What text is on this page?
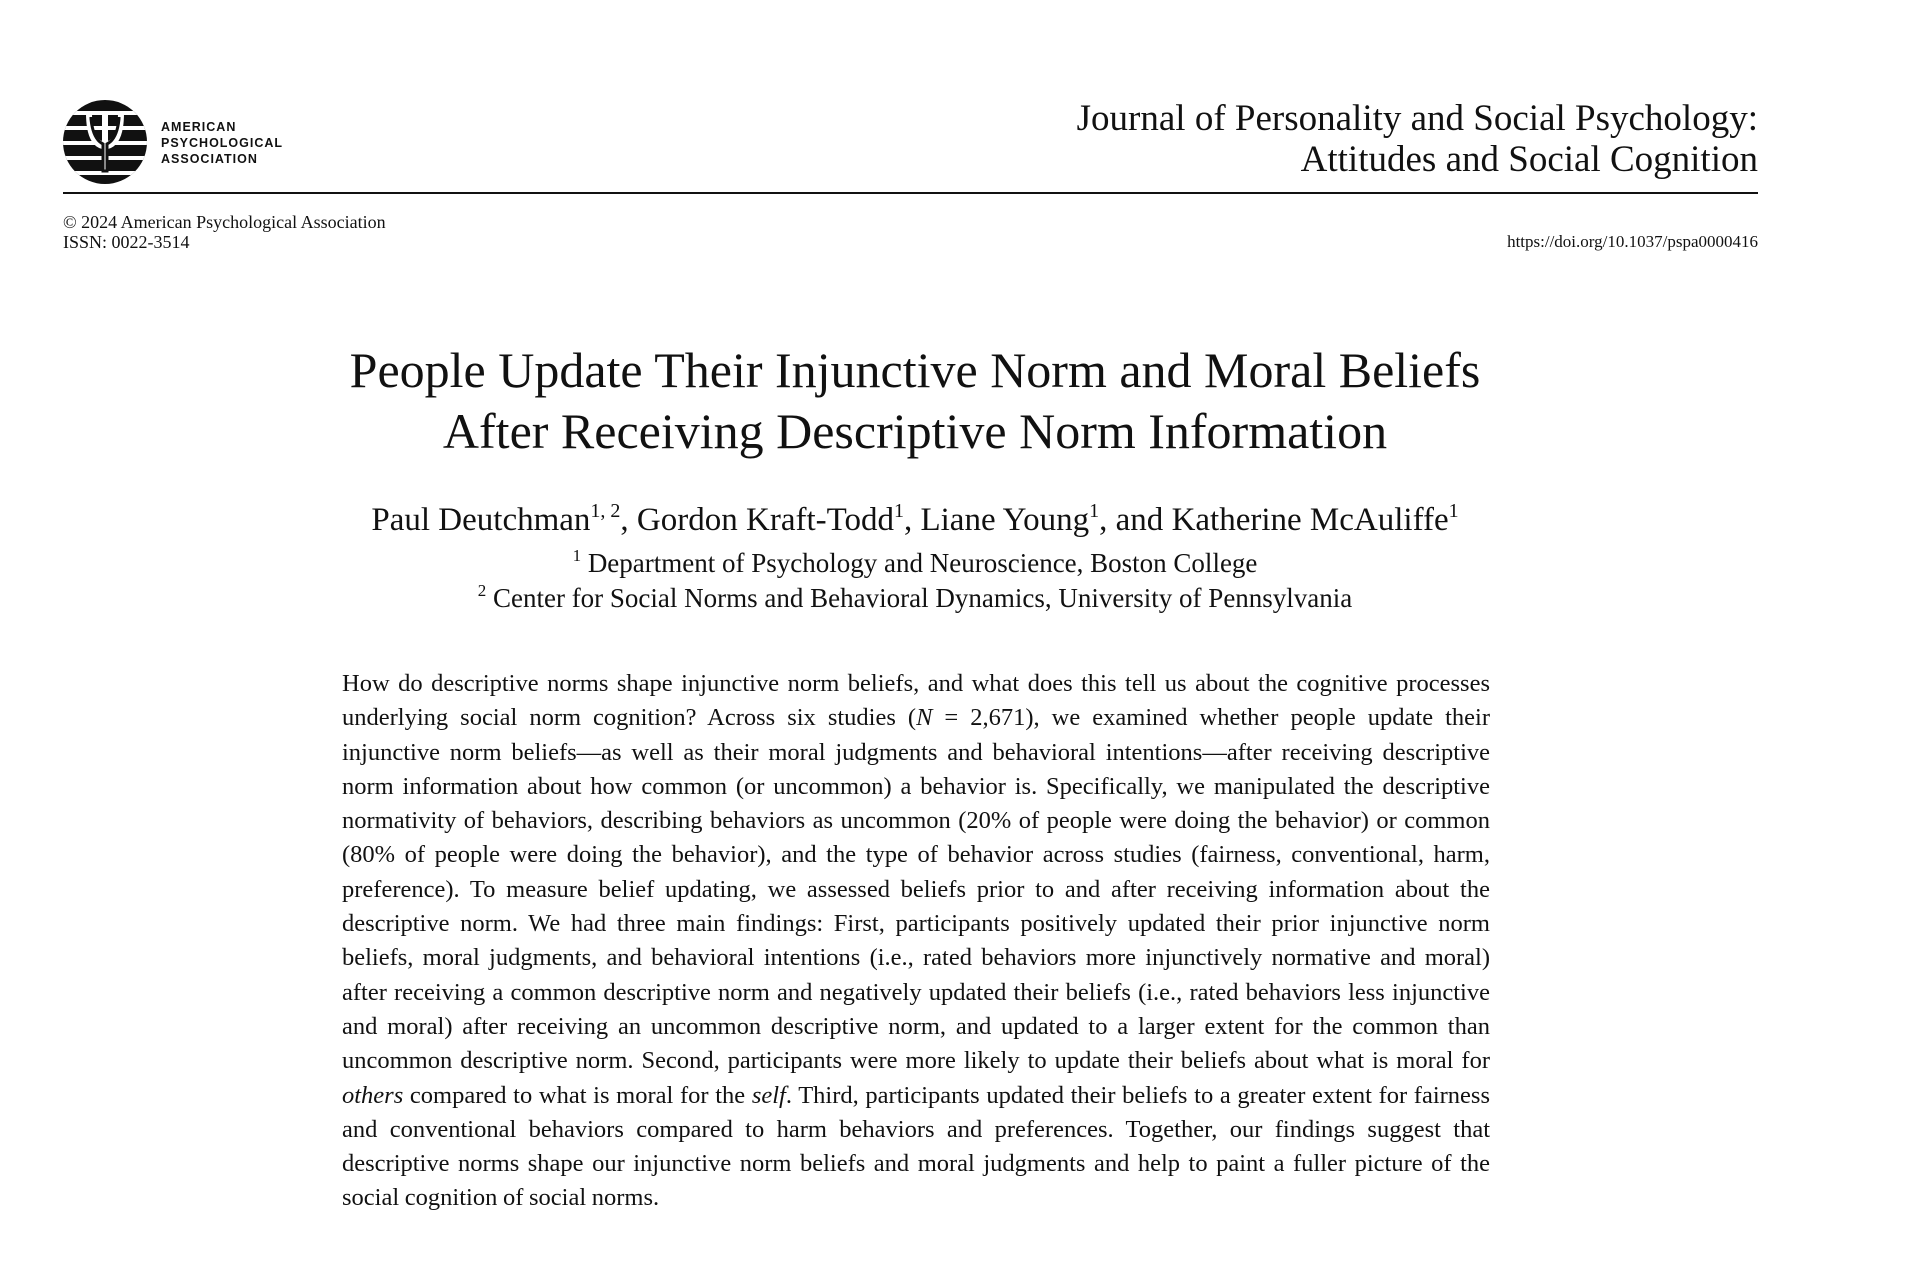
AMERICAN
PSYCHOLOGICAL
ASSOCIATION
Journal of Personality and Social Psychology:
Attitudes and Social Cognition
© 2024 American Psychological Association
ISSN: 0022-3514	https://doi.org/10.1037/pspa0000416
People Update Their Injunctive Norm and Moral Beliefs
After Receiving Descriptive Norm Information
Paul Deutchman$^{1, 2}$, Gordon Kraft-Todd$^1$, Liane Young$^1$, and Katherine McAuliffe$^1$
$^1$ Department of Psychology and Neuroscience, Boston College
$^2$ Center for Social Norms and Behavioral Dynamics, University of Pennsylvania
How do descriptive norms shape injunctive norm beliefs, and what does this tell us about the cognitive processes underlying social norm cognition? Across six studies (N = 2,671), we examined whether people update their injunctive norm beliefs—as well as their moral judgments and behavioral intentions—after receiving descriptive norm information about how common (or uncommon) a behavior is. Specifically, we manipulated the descriptive normativity of behaviors, describing behaviors as uncommon (20% of people were doing the behavior) or common (80% of people were doing the behavior), and the type of behavior across studies (fairness, conventional, harm, preference). To measure belief updating, we assessed beliefs prior to and after receiving information about the descriptive norm. We had three main findings: First, participants positively updated their prior injunctive norm beliefs, moral judgments, and behavioral intentions (i.e., rated behaviors more injunctively normative and moral) after receiving a common descriptive norm and negatively updated their beliefs (i.e., rated behaviors less injunctive and moral) after receiving an uncommon descriptive norm, and updated to a larger extent for the common than uncommon descriptive norm. Second, participants were more likely to update their beliefs about what is moral for others compared to what is moral for the self. Third, participants updated their beliefs to a greater extent for fairness and conventional behaviors compared to harm behaviors and preferences. Together, our findings suggest that descriptive norms shape our injunctive norm beliefs and moral judgments and help to paint a fuller picture of the social cognition of social norms.
